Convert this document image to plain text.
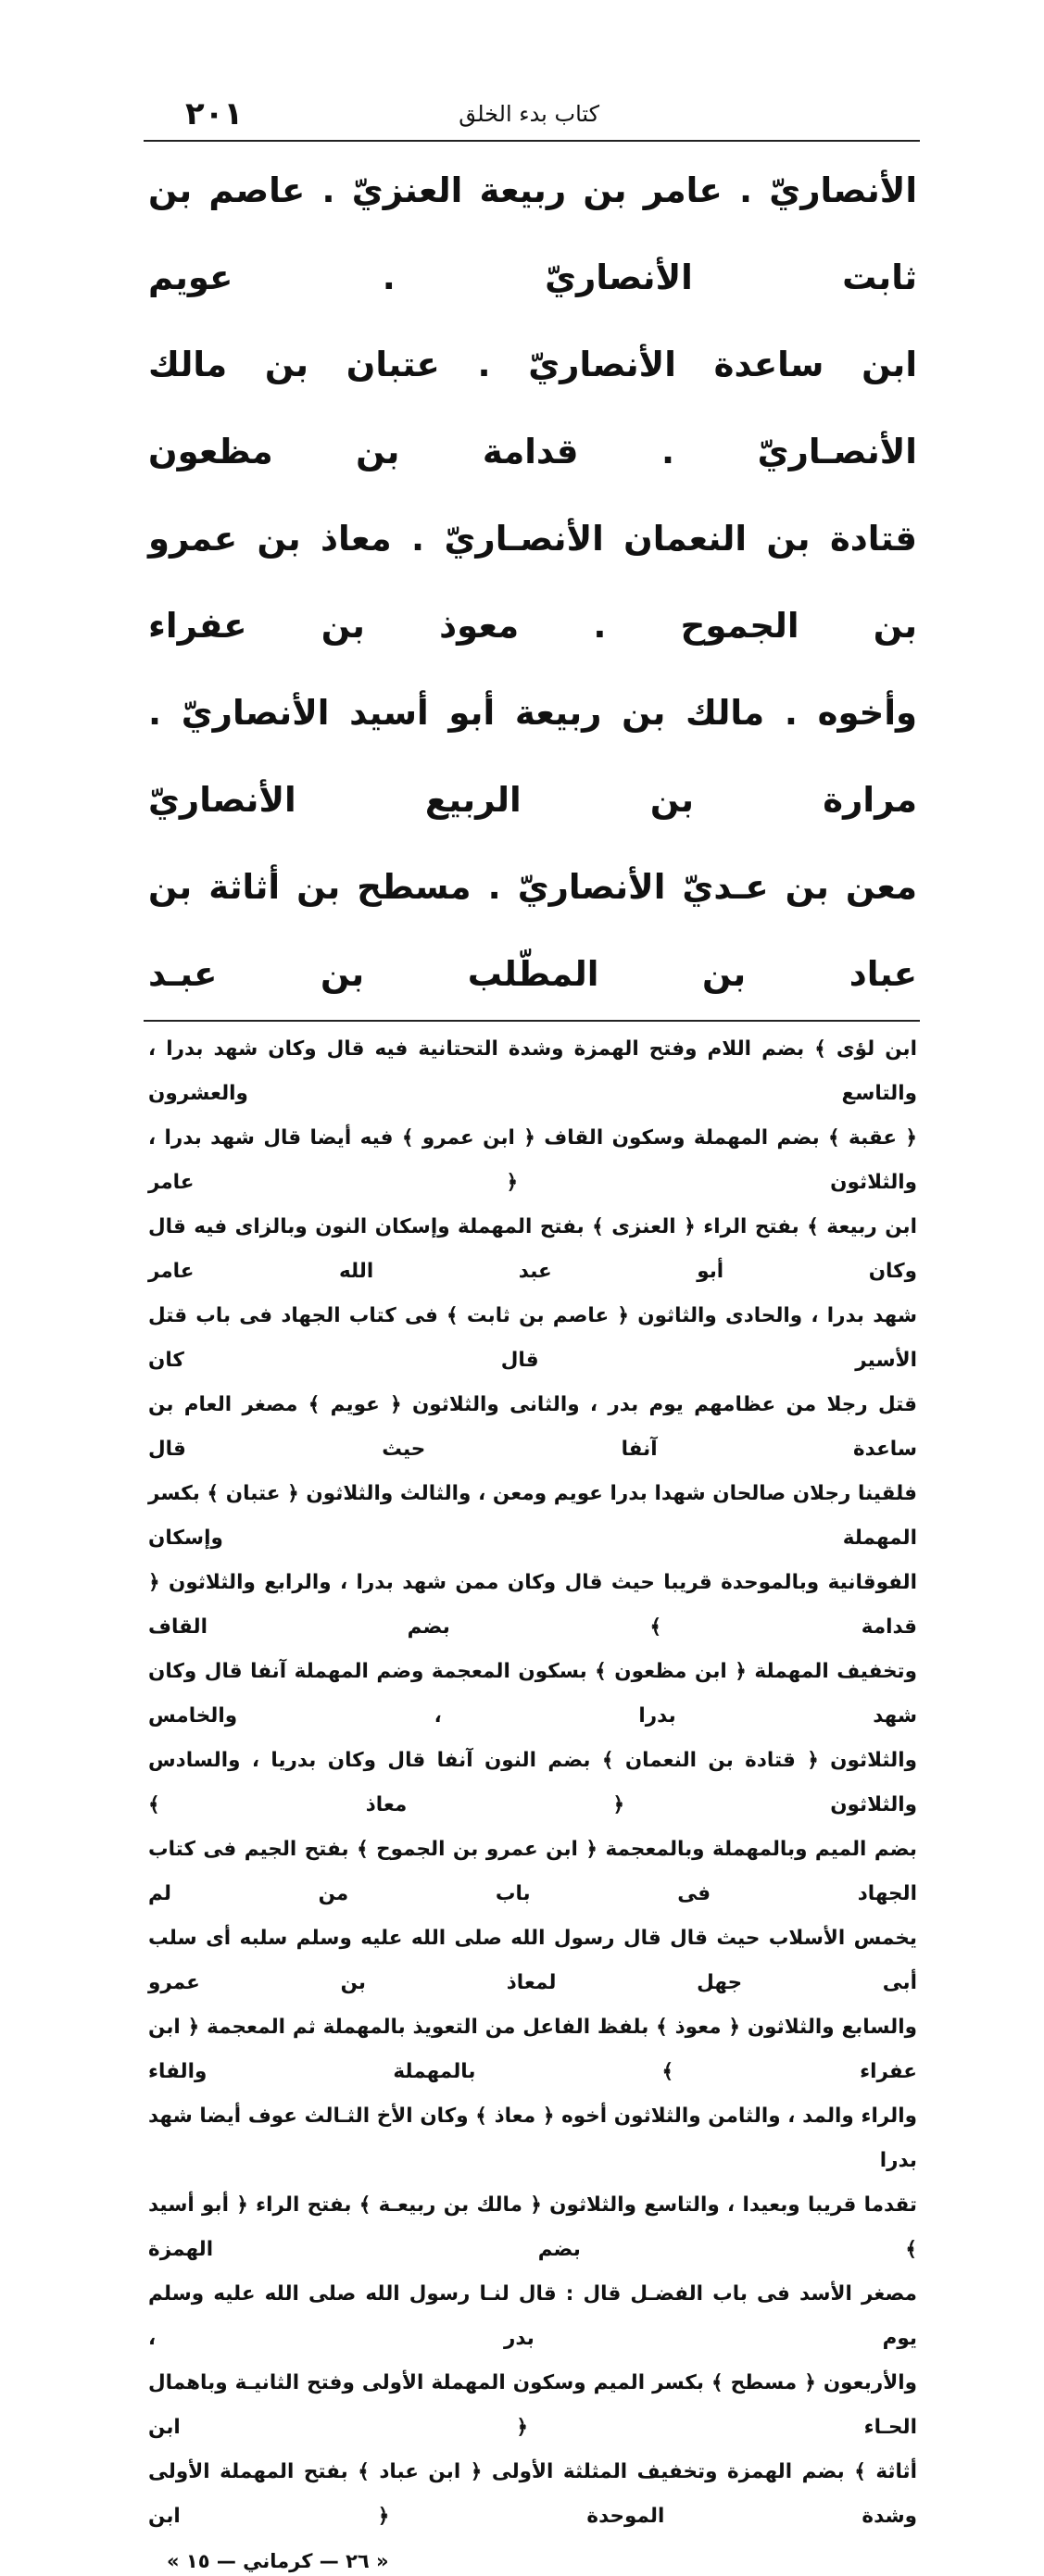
٢٠١	كتاب بدء الخلق
الأنصاريّ . عامر بن ربيعة العنزيّ . عاصم بن ثابت الأنصاريّ . عويم
ابن ساعدة الأنصاريّ . عتبان بن مالك الأنصـاريّ . قدامة بن مظعون
قتادة بن النعمان الأنصـاريّ . معاذ بن عمرو بن الجموح . معوذ بن عفراء
وأخوه . مالك بن ربيعة أبو أسيد الأنصاريّ . مرارة بن الربيع الأنصاريّ
معن بن عـديّ الأنصاريّ . مسطح بن أثاثة بن عباد بن المطّلب بن عبـد
ابن لؤى ﴾ بضم اللام وفتح الهمزة وشدة التحتانية فيه قال وكان شهد بدرا ، والتاسع والعشرون
﴿ عقبة ﴾ بضم المهملة وسكون القاف ﴿ ابن عمرو ﴾ فيه أيضا قال شهد بدرا ، والثلاثون ﴿ عامر
ابن ربيعة ﴾ بفتح الراء ﴿ العنزى ﴾ بفتح المهملة وإسكان النون وبالزاى فيه قال وكان أبو عبد الله عامر
شهد بدرا ، والحادى والثاثون ﴿ عاصم بن ثابت ﴾ فى كتاب الجهاد فى باب قتل الأسير قال كان
قتل رجلا من عظامهم يوم بدر ، والثانى والثلاثون ﴿ عويم ﴾ مصغر العام بن ساعدة آنفا حيث قال
فلقينا رجلان صالحان شهدا بدرا عويم ومعن ، والثالث والثلاثون ﴿ عتبان ﴾ بكسر المهملة وإسكان
الفوقانية وبالموحدة قريبا حيث قال وكان ممن شهد بدرا ، والرابع والثلاثون ﴿ قدامة ﴾ بضم القاف
وتخفيف المهملة ﴿ ابن مظعون ﴾ بسكون المعجمة وضم المهملة آنفا قال وكان شهد بدرا ، والخامس
والثلاثون ﴿ قتادة بن النعمان ﴾ بضم النون آنفا قال وكان بدريا ، والسادس والثلاثون ﴿ معاذ ﴾
بضم الميم وبالمهملة وبالمعجمة ﴿ ابن عمرو بن الجموح ﴾ بفتح الجيم فى كتاب الجهاد فى باب من لم
يخمس الأسلاب حيث قال قال رسول الله صلى الله عليه وسلم سلبه أى سلب أبى جهل لمعاذ بن عمرو
والسابع والثلاثون ﴿ معوذ ﴾ بلفظ الفاعل من التعويذ بالمهملة ثم المعجمة ﴿ ابن عفراء ﴾ بالمهملة والفاء
والراء والمد ، والثامن والثلاثون أخوه ﴿ معاذ ﴾ وكان الأخ الثـالث عوف أيضا شهد بدرا
تقدما قريبا وبعيدا ، والتاسع والثلاثون ﴿ مالك بن ربيعـة ﴾ بفتح الراء ﴿ أبو أسيد ﴾ بضم الهمزة
مصغر الأسد فى باب الفضـل قال : قال لنـا رسول الله صلى الله عليه وسلم يوم بدر ،
والأربعون ﴿ مسطح ﴾ بكسر الميم وسكون المهملة الأولى وفتح الثانيـة وباهمال الحـاء ﴿ ابن
أثاثة ﴾ بضم الهمزة وتخفيف المثلثة الأولى ﴿ ابن عباد ﴾ بفتح المهملة الأولى وشدة الموحدة ﴿ ابن
« ٢٦ — كرماني — ١٥ »
